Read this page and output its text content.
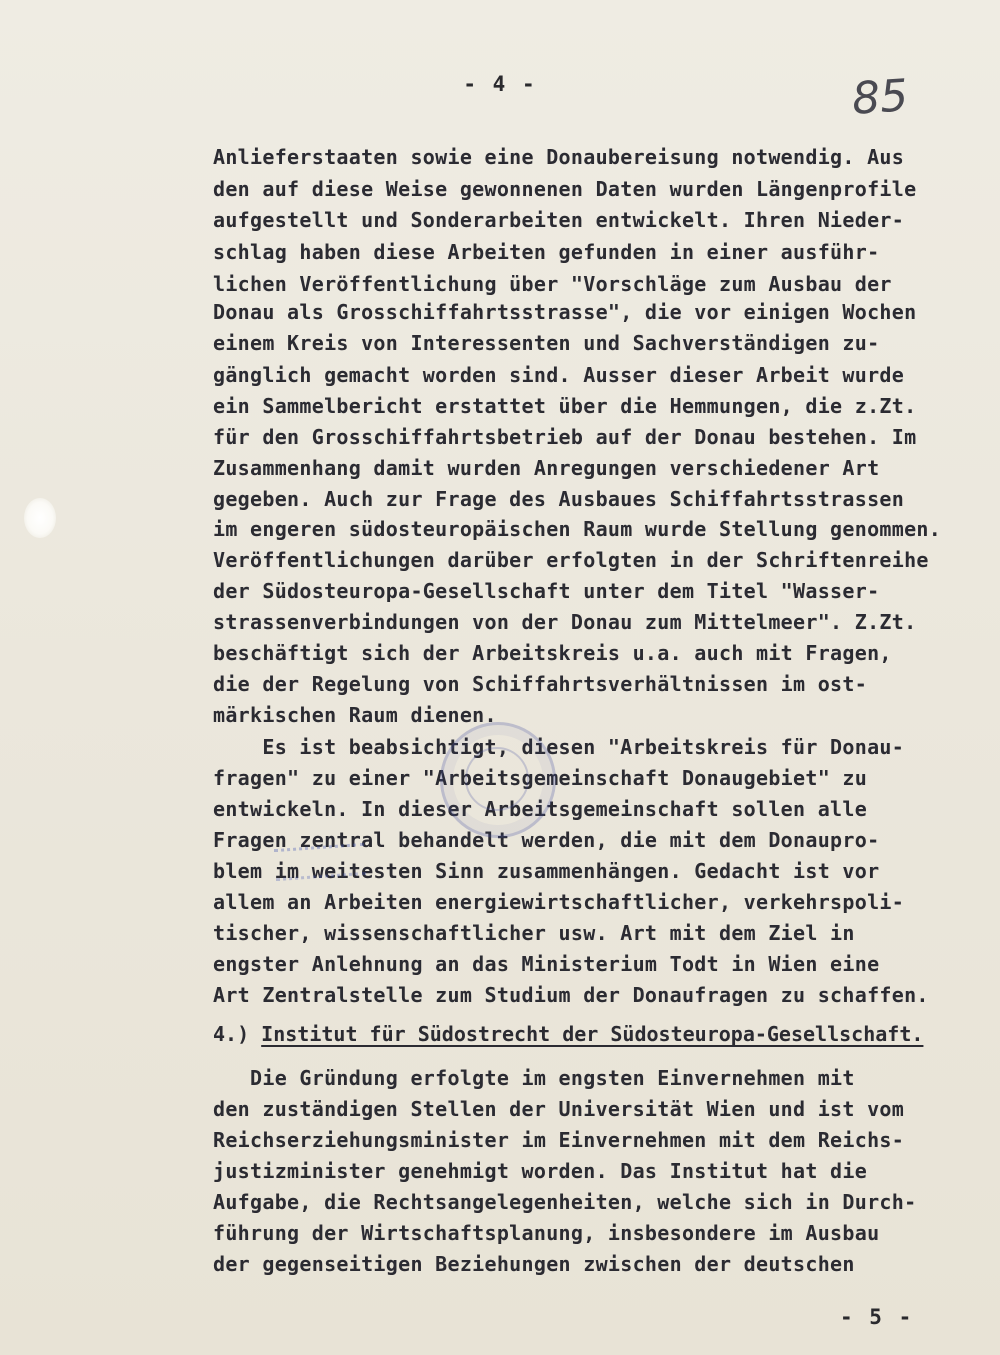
- 4 -	85
Anlieferstaaten sowie eine Donaubereisung notwendig. Aus
den auf diese Weise gewonnenen Daten wurden Längenprofile
aufgestellt und Sonderarbeiten entwickelt. Ihren Nieder-
schlag haben diese Arbeiten gefunden in einer ausführ-
lichen Veröffentlichung über "Vorschläge zum Ausbau der
Donau als Grosschiffahrtsstrasse", die vor einigen Wochen
einem Kreis von Interessenten und Sachverständigen zu-
gänglich gemacht worden sind. Ausser dieser Arbeit wurde
ein Sammelbericht erstattet über die Hemmungen, die z.Zt.
für den Grosschiffahrtsbetrieb auf der Donau bestehen. Im
Zusammenhang damit wurden Anregungen verschiedener Art
gegeben. Auch zur Frage des Ausbaues Schiffahrtsstrassen
im engeren südosteuropäischen Raum wurde Stellung genommen.
Veröffentlichungen darüber erfolgten in der Schriftenreihe
der Südosteuropa-Gesellschaft unter dem Titel "Wasser-
strassenverbindungen von der Donau zum Mittelmeer". Z.Zt.
beschäftigt sich der Arbeitskreis u.a. auch mit Fragen,
die der Regelung von Schiffahrtsverhältnissen im ost-
märkischen Raum dienen.
Es ist beabsichtigt, diesen "Arbeitskreis für Donau-
fragen" zu einer "Arbeitsgemeinschaft Donaugebiet" zu
entwickeln. In dieser Arbeitsgemeinschaft sollen alle
Fragen zentral behandelt werden, die mit dem Donaupro-
blem im weitesten Sinn zusammenhängen. Gedacht ist vor
allem an Arbeiten energiewirtschaftlicher, verkehrspoli-
tischer, wissenschaftlicher usw. Art mit dem Ziel in
engster Anlehnung an das Ministerium Todt in Wien eine
Art Zentralstelle zum Studium der Donaufragen zu schaffen.
4.) Institut für Südostrecht der Südosteuropa-Gesellschaft.
Die Gründung erfolgte im engsten Einvernehmen mit
den zuständigen Stellen der Universität Wien und ist vom
Reichserziehungsminister im Einvernehmen mit dem Reichs-
justizminister genehmigt worden. Das Institut hat die
Aufgabe, die Rechtsangelegenheiten, welche sich in Durch-
führung der Wirtschaftsplanung, insbesondere im Ausbau
der gegenseitigen Beziehungen zwischen der deutschen
- 5 -
